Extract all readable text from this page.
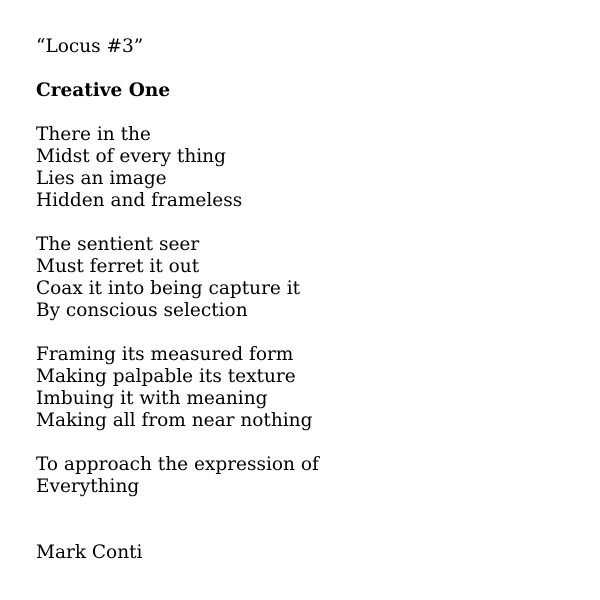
“Locus #3”
Creative One
There in the
Midst of every thing
Lies an image
Hidden and frameless
The sentient seer
Must ferret it out
Coax it into being capture it
By conscious selection
Framing its measured form
Making palpable its texture
Imbuing it with meaning
Making all from near nothing
To approach the expression of
Everything
Mark Conti
